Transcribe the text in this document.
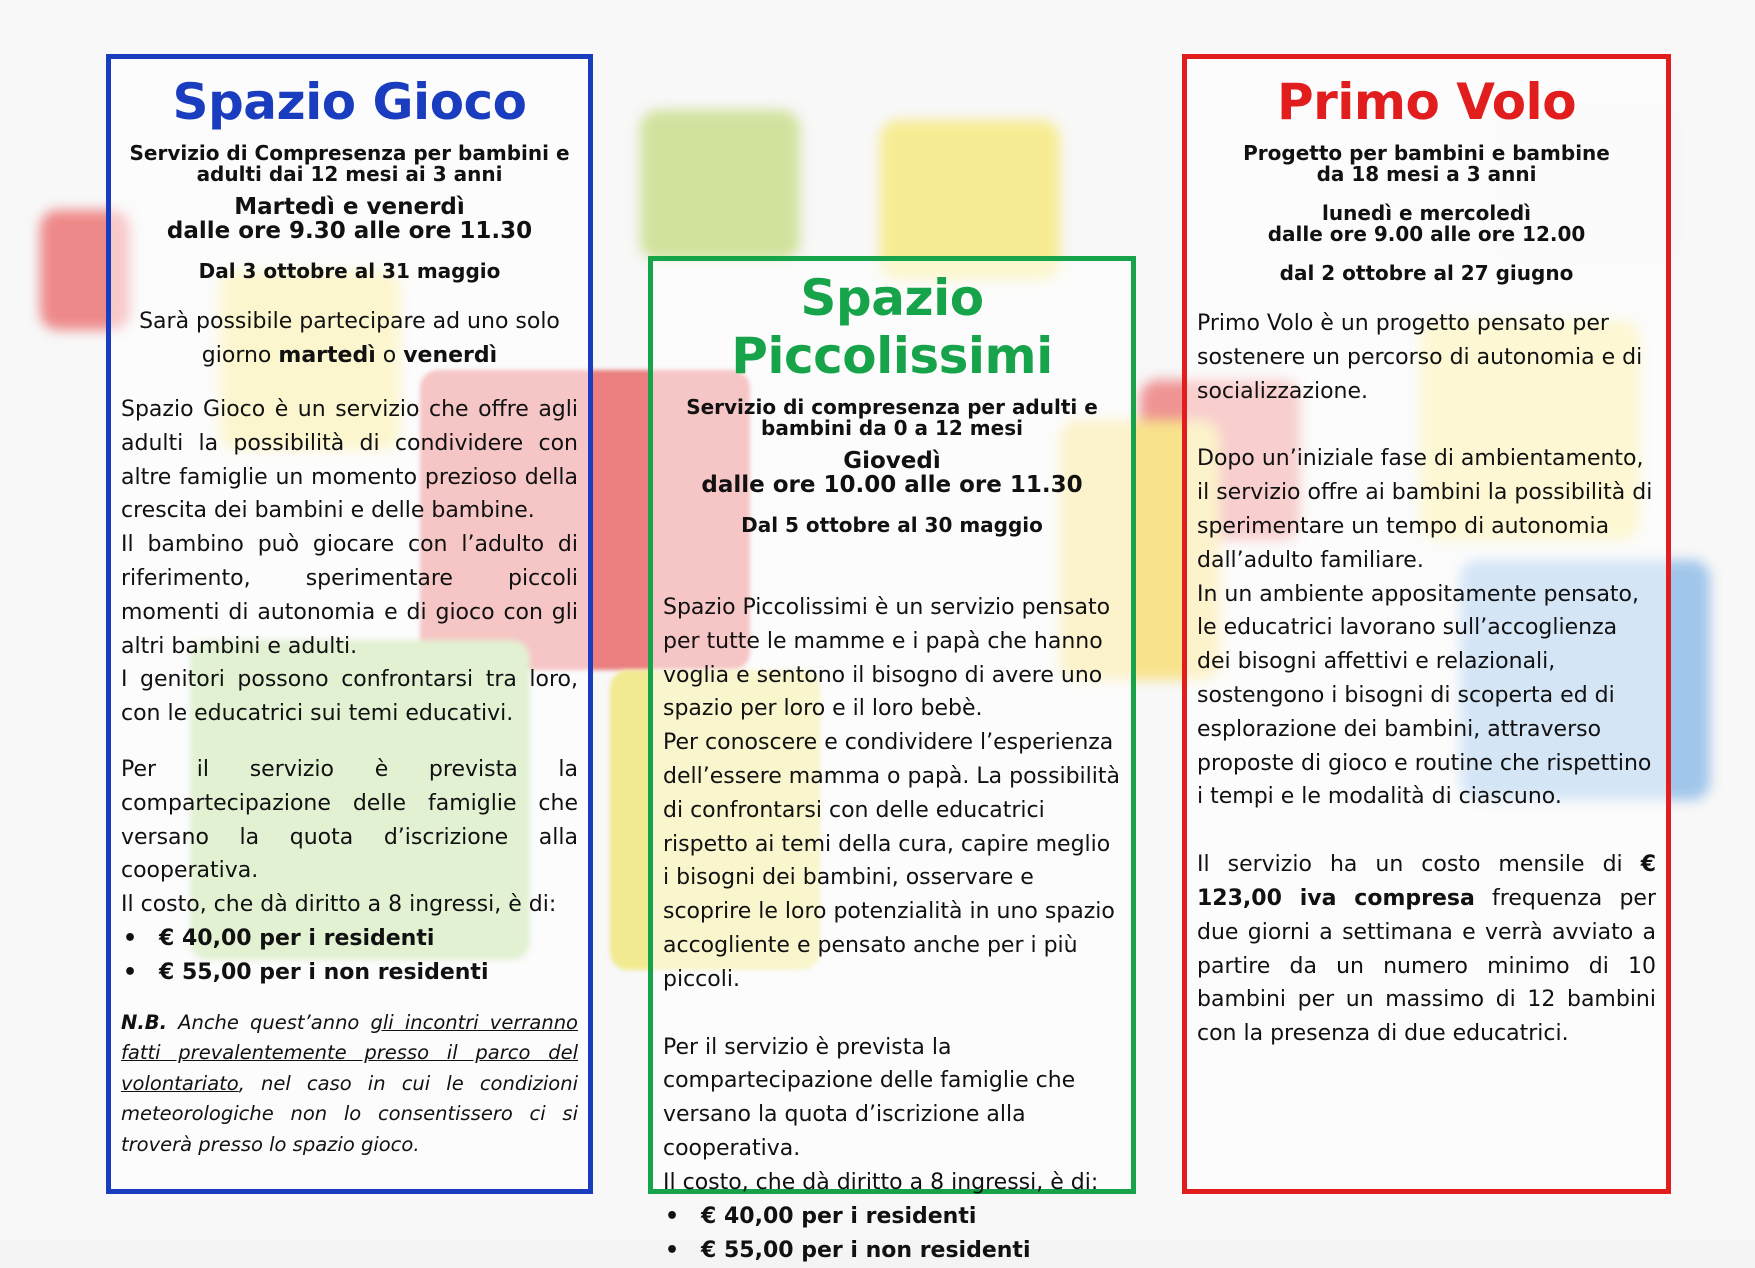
Spazio Gioco

Servizio di Compresenza per bambini e
adulti dai 12 mesi ai 3 anni

Martedì e venerdì
dalle ore 9.30 alle ore 11.30

Dal 3 ottobre al 31 maggio

Sarà possibile partecipare ad uno solo
giorno martedì o venerdì

Spazio Gioco è un servizio che offre agli adulti la possibilità di condividere con altre famiglie un momento prezioso della crescita dei bambini e delle bambine.

Il bambino può giocare con l’adulto di riferimento, sperimentare piccoli momenti di autonomia e di gioco con gli altri bambini e adulti.

I genitori possono confrontarsi tra loro, con le educatrici sui temi educativi.

Per il servizio è prevista la compartecipazione delle famiglie che versano la quota d’iscrizione alla cooperativa.

Il costo, che dà diritto a 8 ingressi, è di:

• € 40,00 per i residenti
• € 55,00 per i non residenti

N.B. Anche quest’anno gli incontri verranno fatti prevalentemente presso il parco del volontariato, nel caso in cui le condizioni meteorologiche non lo consentissero ci si troverà presso lo spazio gioco.

Spazio Piccolissimi

Servizio di compresenza per adulti e
bambini da 0 a 12 mesi

Giovedì
dalle ore 10.00 alle ore 11.30

Dal 5 ottobre al 30 maggio

Spazio Piccolissimi è un servizio pensato per tutte le mamme e i papà che hanno voglia e sentono il bisogno di avere uno spazio per loro e il loro bebè.

Per conoscere e condividere l’esperienza dell’essere mamma o papà. La possibilità di confrontarsi con delle educatrici rispetto ai temi della cura, capire meglio i bisogni dei bambini, osservare e scoprire le loro potenzialità in uno spazio accogliente e pensato anche per i più piccoli.

Per il servizio è prevista la compartecipazione delle famiglie che versano la quota d’iscrizione alla cooperativa.

Il costo, che dà diritto a 8 ingressi, è di:

• € 40,00 per i residenti
• € 55,00 per i non residenti
Primo Volo

Progetto per bambini e bambine
da 18 mesi a 3 anni

lunedì e mercoledì
dalle ore 9.00 alle ore 12.00

dal 2 ottobre al 27 giugno

Primo Volo è un progetto pensato per sostenere un percorso di autonomia e di socializzazione.

Dopo un’iniziale fase di ambientamento, il servizio offre ai bambini la possibilità di sperimentare un tempo di autonomia dall’adulto familiare.

In un ambiente appositamente pensato, le educatrici lavorano sull’accoglienza dei bisogni affettivi e relazionali, sostengono i bisogni di scoperta ed di esplorazione dei bambini, attraverso proposte di gioco e routine che rispettino i tempi e le modalità di ciascuno.

Il servizio ha un costo mensile di € 123,00 iva compresa frequenza per due giorni a settimana e verrà avviato a partire da un numero minimo di 10 bambini per un massimo di 12 bambini con la presenza di due educatrici.
